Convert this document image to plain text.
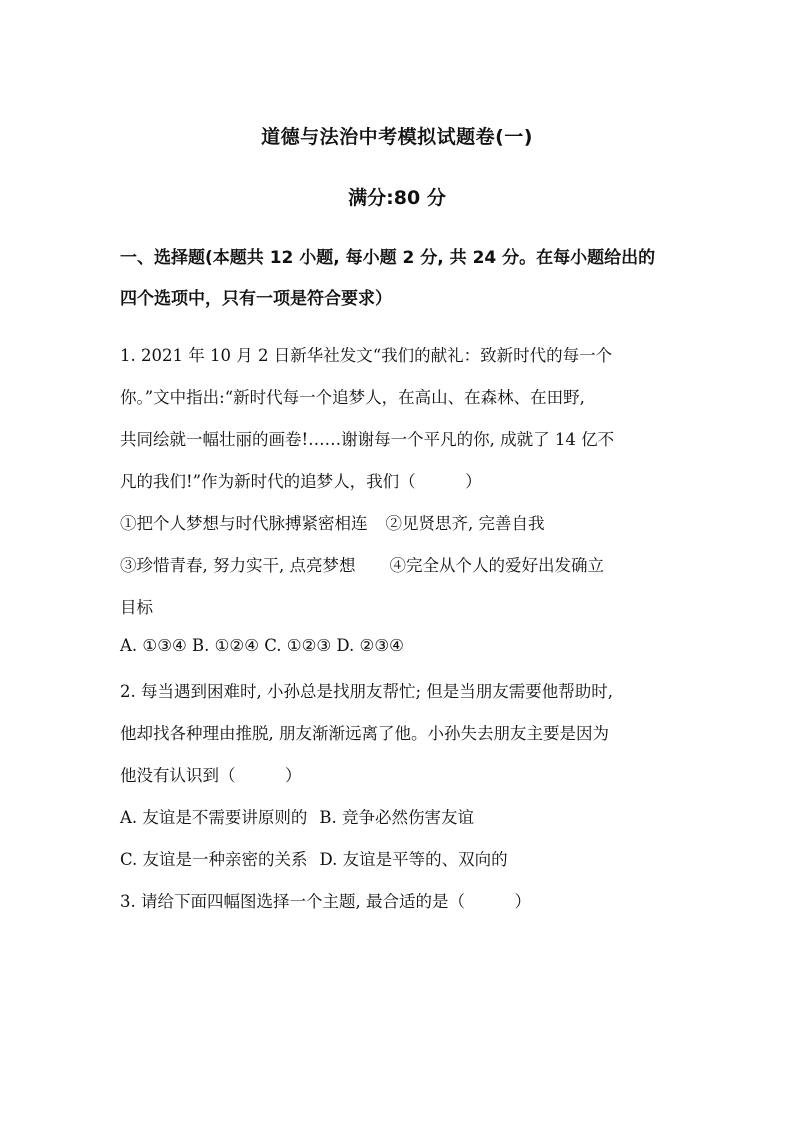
道德与法治中考模拟试题卷(一)
满分:80 分
一、选择题(本题共 12 小题, 每小题 2 分, 共 24 分。在每小题给出的
四个选项中，只有一项是符合要求）
1. 2021 年 10 月 2 日新华社发文“我们的献礼：致新时代的每一个
你。”文中指出:“新时代每一个追梦人，在高山、在森林、在田野,
共同绘就一幅壮丽的画卷!……谢谢每一个平凡的你, 成就了 14 亿不
凡的我们!”作为新时代的追梦人，我们（　　　）
①把个人梦想与时代脉搏紧密相连 ②见贤思齐, 完善自我
③珍惜青春, 努力实干, 点亮梦想 ④完全从个人的爱好出发确立
目标
A. ①③④ B. ①②④ C. ①②③ D. ②③④
2. 每当遇到困难时, 小孙总是找朋友帮忙; 但是当朋友需要他帮助时,
他却找各种理由推脱, 朋友渐渐远离了他。小孙失去朋友主要是因为
他没有认识到（　　　）
A. 友谊是不需要讲原则的 B. 竞争必然伤害友谊
C. 友谊是一种亲密的关系 D. 友谊是平等的、双向的
3. 请给下面四幅图选择一个主题, 最合适的是（　　　）
